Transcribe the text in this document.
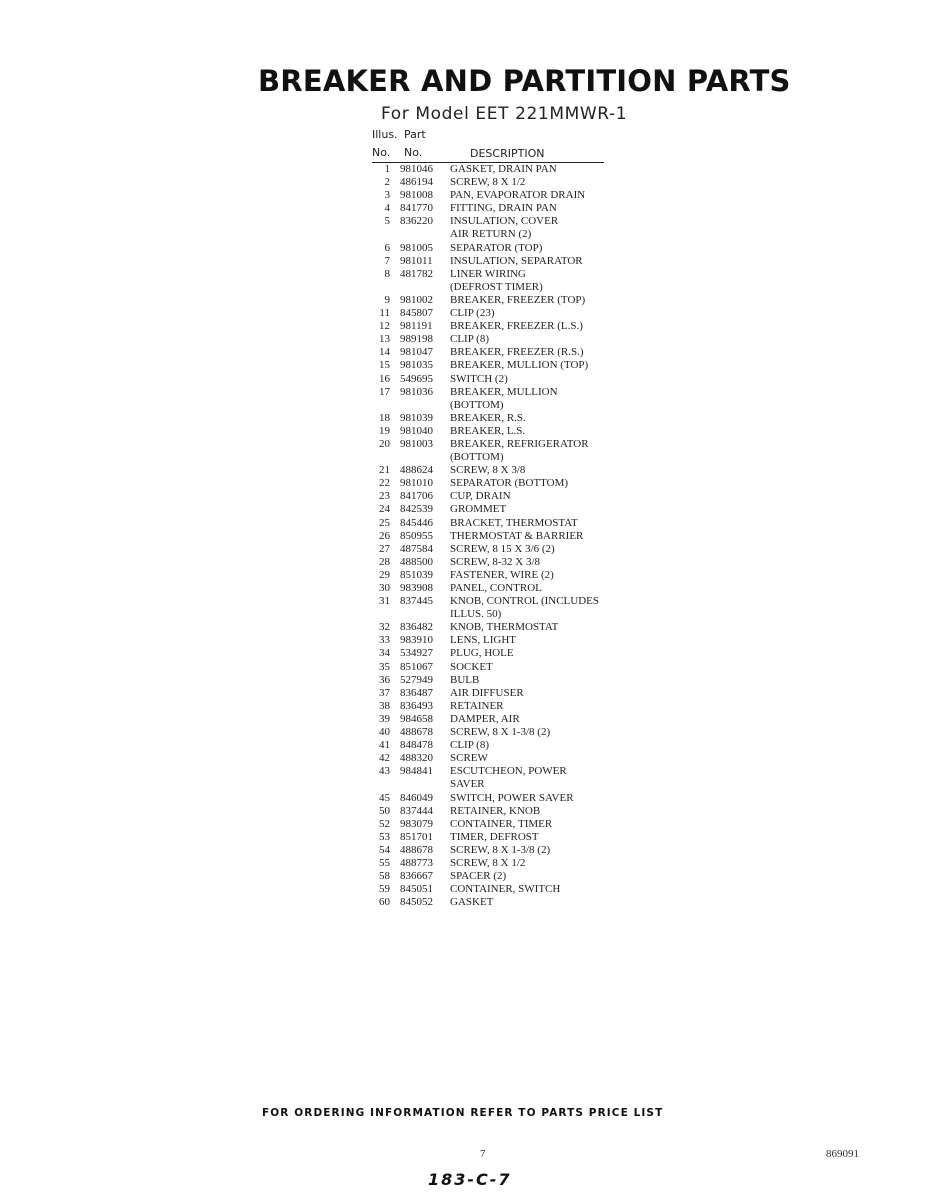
BREAKER AND PARTITION PARTS
For Model EET 221MMWR-1
Illus. Part
No. No.	DESCRIPTION
1 981046	GASKET, DRAIN PAN
2 486194	SCREW, 8 X 1/2
3 981008	PAN, EVAPORATOR DRAIN
4 841770	FITTING, DRAIN PAN
5 836220	INSULATION, COVER
AIR RETURN (2)
6 981005	SEPARATOR (TOP)
7 981011	INSULATION, SEPARATOR
8 481782	LINER WIRING
(DEFROST TIMER)
9 981002	BREAKER, FREEZER (TOP)
11 845807	CLIP (23)
12 981191	BREAKER, FREEZER (L.S.)
13 989198	CLIP (8)
14 981047	BREAKER, FREEZER (R.S.)
15 981035	BREAKER, MULLION (TOP)
16 549695	SWITCH (2)
17 981036	BREAKER, MULLION
(BOTTOM)
18 981039	BREAKER, R.S.
19 981040	BREAKER, L.S.
20 981003	BREAKER, REFRIGERATOR
(BOTTOM)
21 488624	SCREW, 8 X 3/8
22 981010	SEPARATOR (BOTTOM)
23 841706	CUP, DRAIN
24 842539	GROMMET
25 845446	BRACKET, THERMOSTAT
26 850955	THERMOSTAT & BARRIER
27 487584	SCREW, 8 15 X 3/6 (2)
28 488500	SCREW, 8-32 X 3/8
29 851039	FASTENER, WIRE (2)
30 983908	PANEL, CONTROL
31 837445	KNOB, CONTROL (INCLUDES
ILLUS. 50)
32 836482	KNOB, THERMOSTAT
33 983910	LENS, LIGHT
34 534927	PLUG, HOLE
35 851067	SOCKET
36 527949	BULB
37 836487	AIR DIFFUSER
38 836493	RETAINER
39 984658	DAMPER, AIR
40 488678	SCREW, 8 X 1-3/8 (2)
41 848478	CLIP (8)
42 488320	SCREW
43 984841	ESCUTCHEON, POWER
SAVER
45 846049	SWITCH, POWER SAVER
50 837444	RETAINER, KNOB
52 983079	CONTAINER, TIMER
53 851701	TIMER, DEFROST
54 488678	SCREW, 8 X 1-3/8 (2)
55 488773	SCREW, 8 X 1/2
58 836667	SPACER (2)
59 845051	CONTAINER, SWITCH
60 845052	GASKET
FOR ORDERING INFORMATION REFER TO PARTS PRICE LIST
7	869091
183-C-7
